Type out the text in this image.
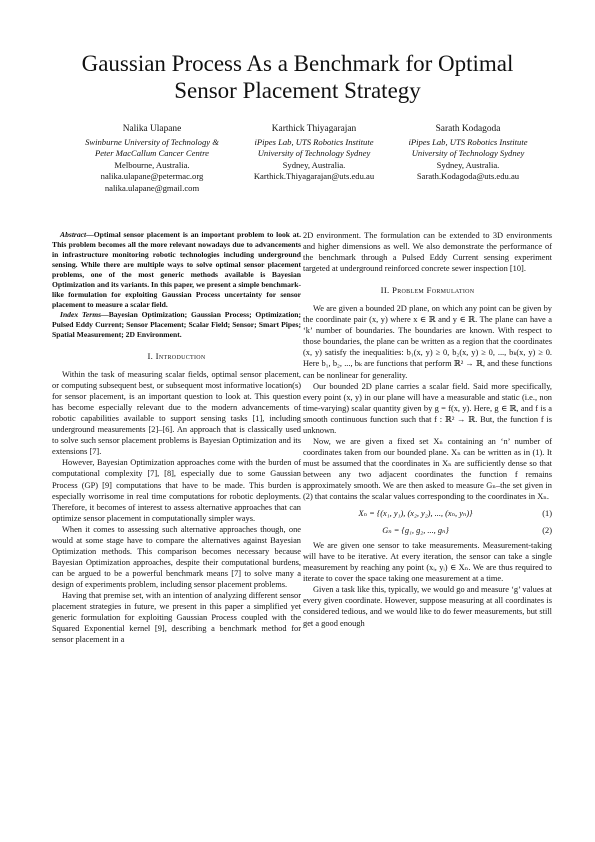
Gaussian Process As a Benchmark for Optimal
Sensor Placement Strategy
Nalika Ulapane
Swinburne University of Technology &
Peter MacCallum Cancer Centre
Melbourne, Australia.
nalika.ulapane@petermac.org
nalika.ulapane@gmail.com
Karthick Thiyagarajan
iPipes Lab, UTS Robotics Institute
University of Technology Sydney
Sydney, Australia.
Karthick.Thiyagarajan@uts.edu.au
Sarath Kodagoda
iPipes Lab, UTS Robotics Institute
University of Technology Sydney
Sydney, Australia.
Sarath.Kodagoda@uts.edu.au

Abstract—Optimal sensor placement is an important problem to look at. This problem becomes all the more relevant nowadays due to advancements in infrastructure monitoring robotic technologies including underground sensing. While there are multiple ways to solve optimal sensor placement problems, one of the most generic methods available is Bayesian Optimization and its variants. In this paper, we present a simple benchmark-like formulation for exploiting Gaussian Process uncertainty for sensor placement to measure a scalar field.

Index Terms—Bayesian Optimization; Gaussian Process; Optimization; Pulsed Eddy Current; Sensor Placement; Scalar Field; Sensor; Smart Pipes; Spatial Measurement; 2D Environment.

I. Introduction

Within the task of measuring scalar fields, optimal sensor placement, or computing subsequent best, or subsequent most informative location(s) for sensor placement, is an important question to look at. This question has become especially relevant due to the modern advancements of robotic capabilities available to support sensing tasks [1], including underground measurements [2]–[6]. An approach that is classically used to solve such sensor placement problems is Bayesian Optimization and its extensions [7].

However, Bayesian Optimization approaches come with the burden of computational complexity [7], [8], especially due to some Gaussian Process (GP) [9] computations that have to be made. This burden is especially worrisome in real time computations for robotic deployments. Therefore, it becomes of interest to assess alternative approaches that can optimize sensor placement in computationally simpler ways.

When it comes to assessing such alternative approaches though, one would at some stage have to compare the alternatives against Bayesian Optimization methods. This comparison becomes necessary because Bayesian Optimization approaches, despite their computational burdens, can be argued to be a powerful benchmark means [7] to solve many a design of experiments problem, including sensor placement problems.

Having that premise set, with an intention of analyzing different sensor placement strategies in future, we present in this paper a simplified yet generic formulation for exploiting Gaussian Process coupled with the Squared Exponential kernel [9], describing a benchmark method for sensor placement in a

2D environment. The formulation can be extended to 3D environments and higher dimensions as well. We also demonstrate the performance of the benchmark through a Pulsed Eddy Current sensing experiment targeted at underground reinforced concrete sewer inspection [10].

II. Problem Formulation

We are given a bounded 2D plane, on which any point can be given by the coordinate pair (x, y) where x ∈ ℝ and y ∈ ℝ. The plane can have a ‘k’ number of boundaries. The boundaries are known. With respect to those boundaries, the plane can be written as a region that the coordinates (x, y) satisfy the inequalities: b₁(x, y) ≥ 0, b₂(x, y) ≥ 0, ..., bₖ(x, y) ≥ 0. Here b₁, b₂, ..., bₖ are functions that perform ℝ² → ℝ, and these functions can be nonlinear for generality.

Our bounded 2D plane carries a scalar field. Said more specifically, every point (x, y) in our plane will have a measurable and static (i.e., non time-varying) scalar quantity given by g = f(x, y). Here, g ∈ ℝ, and f is a smooth continuous function such that f : ℝ² → ℝ. But, the function f is unknown.

Now, we are given a fixed set Xₙ containing an ‘n’ number of coordinates taken from our bounded plane. Xₙ can be written as in (1). It must be assumed that the coordinates in Xₙ are sufficiently dense so that between any two adjacent coordinates the function f remains approximately smooth. We are then asked to measure Gₙ–the set given in (2) that contains the scalar values corresponding to the coordinates in Xₙ.

Xₙ = {(x₁, y₁), (x₂, y₂), ..., (xₙ, yₙ)}	(1)
Gₙ = {g₁, g₂, ..., gₙ}	(2)

We are given one sensor to take measurements. Measurement-taking will have to be iterative. At every iteration, the sensor can take a single measurement by reaching any point (xᵢ, yᵢ) ∈ Xₙ. We are thus required to iterate to cover the space taking one measurement at a time.

Given a task like this, typically, we would go and measure ‘g’ values at every given coordinate. However, suppose measuring at all coordinates is considered tedious, and we would like to do fewer measurements, but still get a good enough
